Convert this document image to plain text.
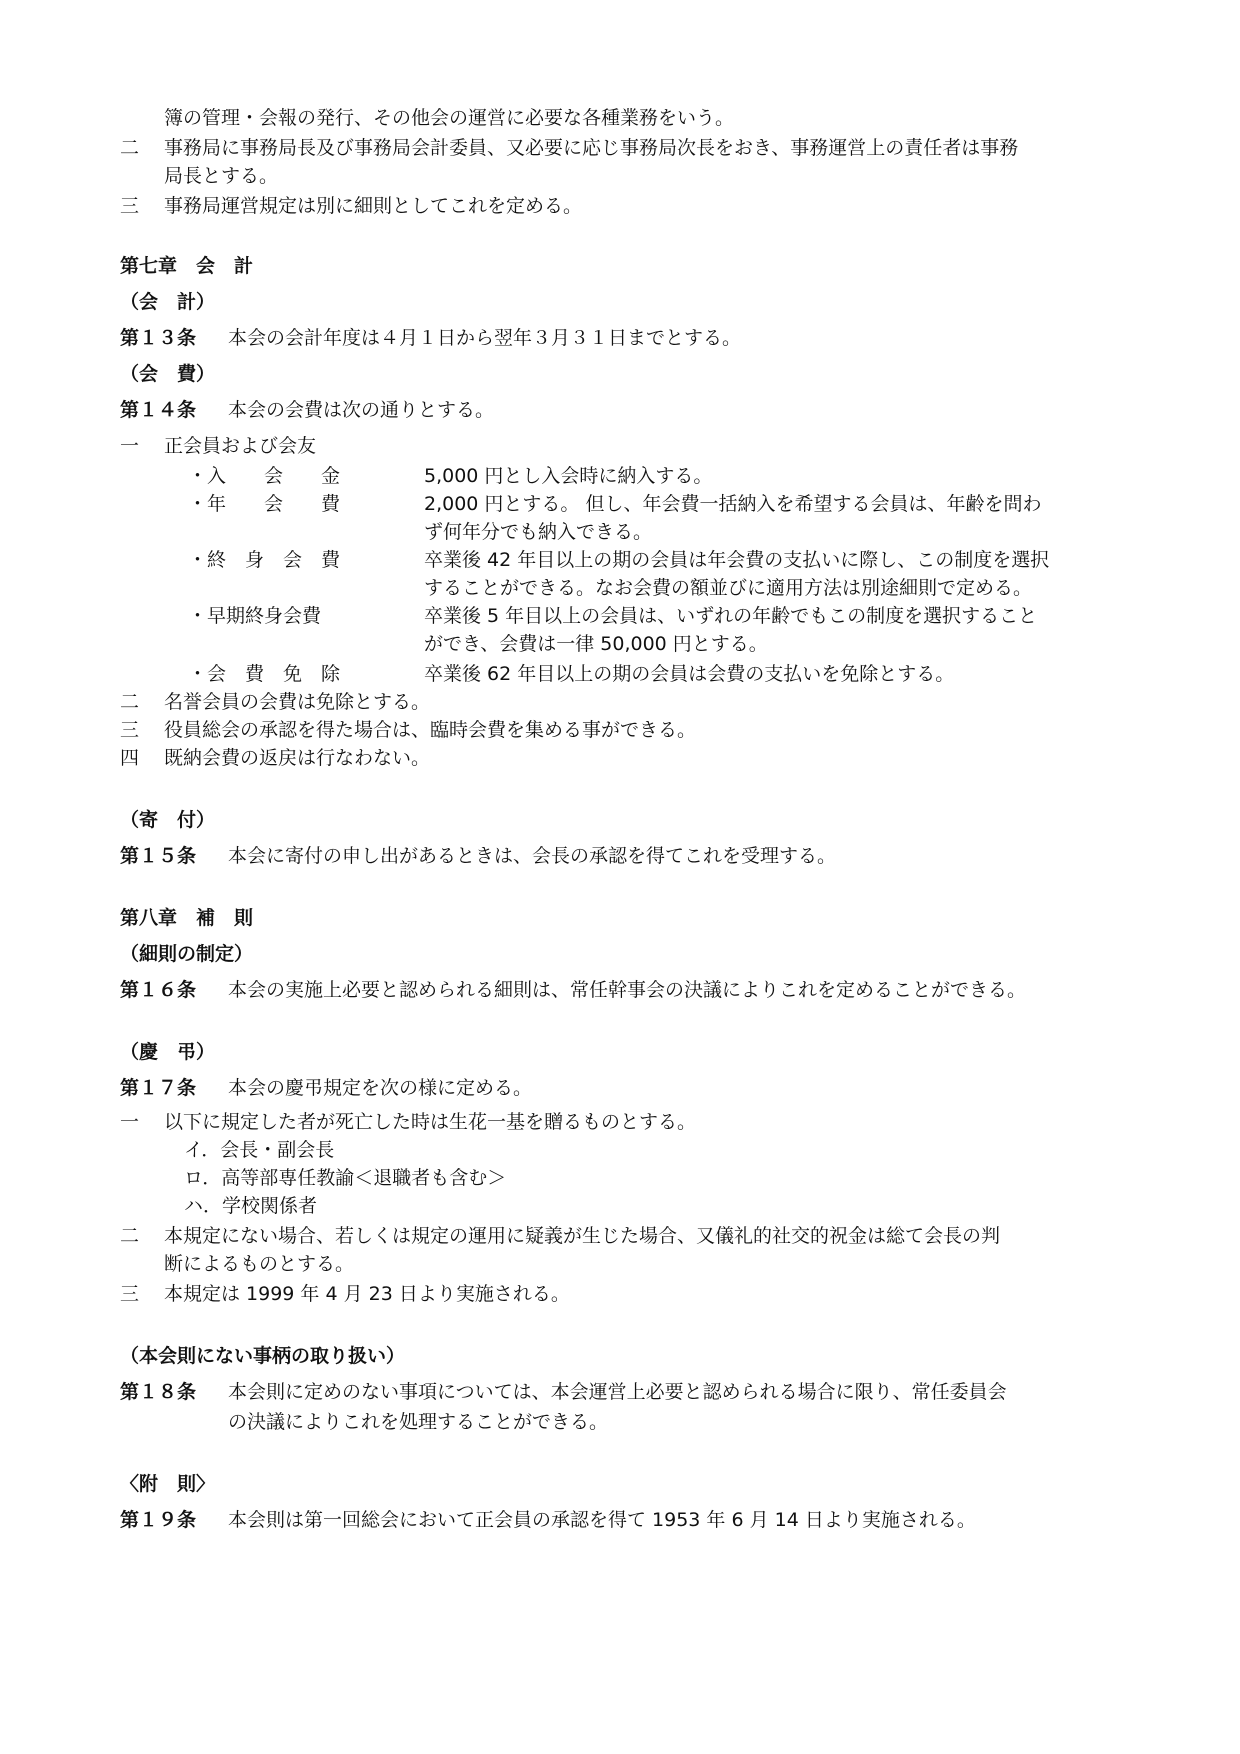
簿の管理・会報の発行、その他会の運営に必要な各種業務をいう。
二 事務局に事務局長及び事務局会計委員、又必要に応じ事務局次長をおき、事務運営上の責任者は事務
局長とする。
三 事務局運営規定は別に細則としてこれを定める。
第七章　会　計
（会　計）
第１３条 本会の会計年度は４月１日から翌年３月３１日までとする。
（会　費）
第１４条 本会の会費は次の通りとする。
一 正会員および会友
・入　　会　　金	5,000 円とし入会時に納入する。
・年　　会　　費	2,000 円とする。 但し、年会費一括納入を希望する会員は、年齢を問わ
ず何年分でも納入できる。
・終　身　会　費	卒業後 42 年目以上の期の会員は年会費の支払いに際し、この制度を選択
することができる。なお会費の額並びに適用方法は別途細則で定める。
・早期終身会費	卒業後 5 年目以上の会員は、いずれの年齢でもこの制度を選択すること
ができ、会費は一律 50,000 円とする。
・会　費　免　除	卒業後 62 年目以上の期の会員は会費の支払いを免除とする。
二 名誉会員の会費は免除とする。
三 役員総会の承認を得た場合は、臨時会費を集める事ができる。
四 既納会費の返戻は行なわない。
（寄　付）
第１５条 本会に寄付の申し出があるときは、会長の承認を得てこれを受理する。
第八章　補　則
（細則の制定）
第１６条 本会の実施上必要と認められる細則は、常任幹事会の決議によりこれを定めることができる。
（慶　弔）
第１７条 本会の慶弔規定を次の様に定める。
一 以下に規定した者が死亡した時は生花一基を贈るものとする。
イ．会長・副会長
ロ．高等部専任教諭＜退職者も含む＞
ハ．学校関係者
二 本規定にない場合、若しくは規定の運用に疑義が生じた場合、又儀礼的社交的祝金は総て会長の判
断によるものとする。
三 本規定は 1999 年 4 月 23 日より実施される。
（本会則にない事柄の取り扱い）
第１８条 本会則に定めのない事項については、本会運営上必要と認められる場合に限り、常任委員会
の決議によりこれを処理することができる。
〈附　則〉
第１９条 本会則は第一回総会において正会員の承認を得て 1953 年 6 月 14 日より実施される。
